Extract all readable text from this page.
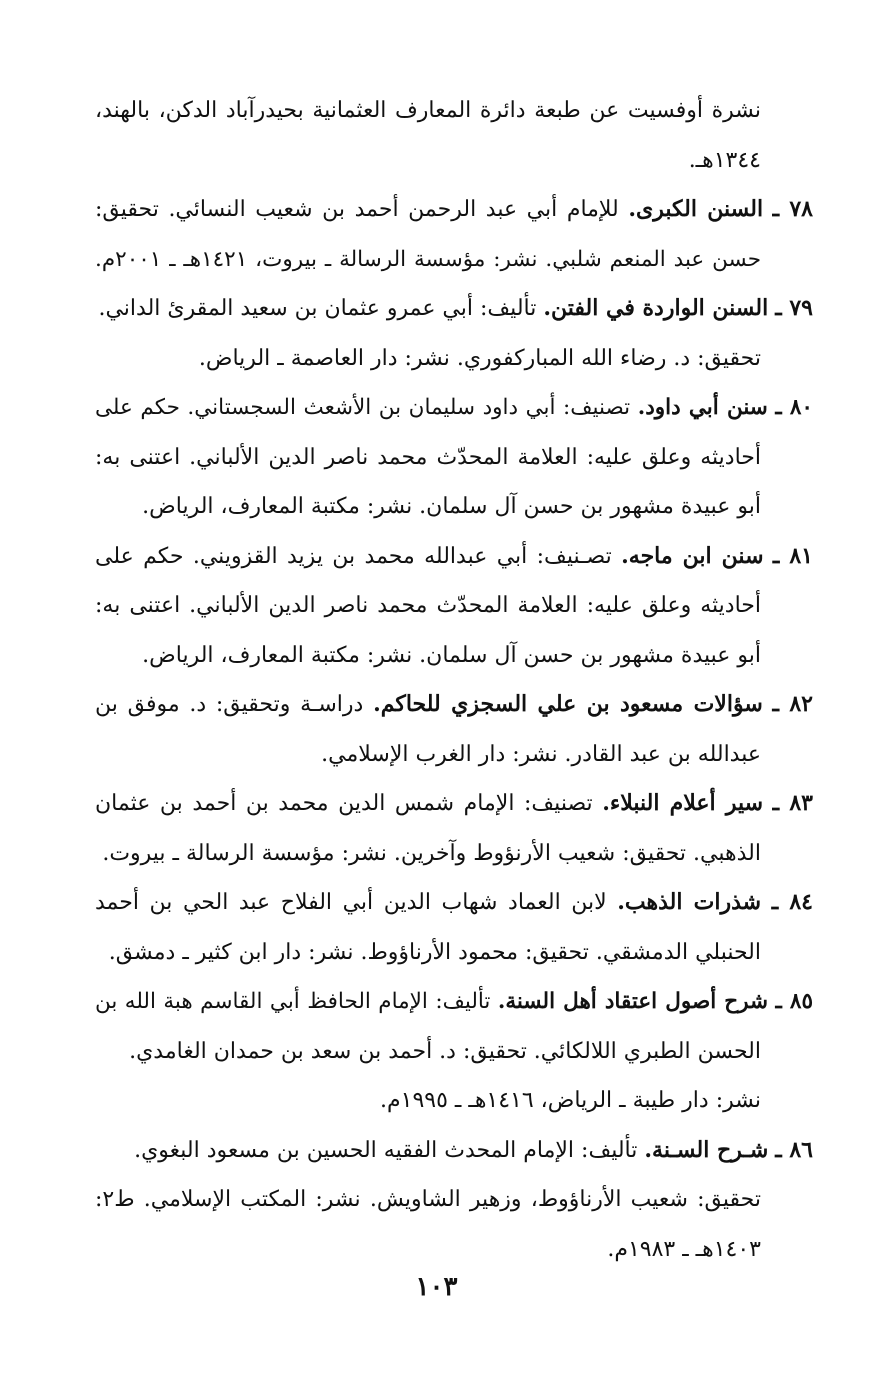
نشرة أوفسيت عن طبعة دائرة المعارف العثمانية بحيدرآباد الدكن، بالهند،
١٣٤٤هـ.
٧٨ ـ السنن الكبرى. للإمام أبي عبد الرحمن أحمد بن شعيب النسائي. تحقيق:
حسن عبد المنعم شلبي. نشر: مؤسسة الرسالة ـ بيروت، ١٤٢١هـ ـ ٢٠٠١م.
٧٩ ـ السنن الواردة في الفتن. تأليف: أبي عمرو عثمان بن سعيد المقرئ الداني.
تحقيق: د. رضاء الله المباركفوري. نشر: دار العاصمة ـ الرياض.
٨٠ ـ سنن أبي داود. تصنيف: أبي داود سليمان بن الأشعث السجستاني. حكم على
أحاديثه وعلق عليه: العلامة المحدّث محمد ناصر الدين الألباني. اعتنى به:
أبو عبيدة مشهور بن حسن آل سلمان. نشر: مكتبة المعارف، الرياض.
٨١ ـ سنن ابن ماجه. تصـنيف: أبي عبدالله محمد بن يزيد القزويني. حكم على
أحاديثه وعلق عليه: العلامة المحدّث محمد ناصر الدين الألباني. اعتنى به:
أبو عبيدة مشهور بن حسن آل سلمان. نشر: مكتبة المعارف، الرياض.
٨٢ ـ سؤالات مسعود بن علي السجزي للحاكم. دراسـة وتحقيق: د. موفق بن
عبدالله بن عبد القادر. نشر: دار الغرب الإسلامي.
٨٣ ـ سير أعلام النبلاء. تصنيف: الإمام شمس الدين محمد بن أحمد بن عثمان
الذهبي. تحقيق: شعيب الأرنؤوط وآخرين. نشر: مؤسسة الرسالة ـ بيروت.
٨٤ ـ شذرات الذهب. لابن العماد شهاب الدين أبي الفلاح عبد الحي بن أحمد
الحنبلي الدمشقي. تحقيق: محمود الأرناؤوط. نشر: دار ابن كثير ـ دمشق.
٨٥ ـ شرح أصول اعتقاد أهل السنة. تأليف: الإمام الحافظ أبي القاسم هبة الله بن
الحسن الطبري اللالكائي. تحقيق: د. أحمد بن سعد بن حمدان الغامدي.
نشر: دار طيبة ـ الرياض، ١٤١٦هـ ـ ١٩٩٥م.
٨٦ ـ شـرح السـنة. تأليف: الإمام المحدث الفقيه الحسين بن مسعود البغوي.
تحقيق: شعيب الأرناؤوط، وزهير الشاويش. نشر: المكتب الإسلامي. ط٢:
١٤٠٣هـ ـ ١٩٨٣م.
١٠٣
